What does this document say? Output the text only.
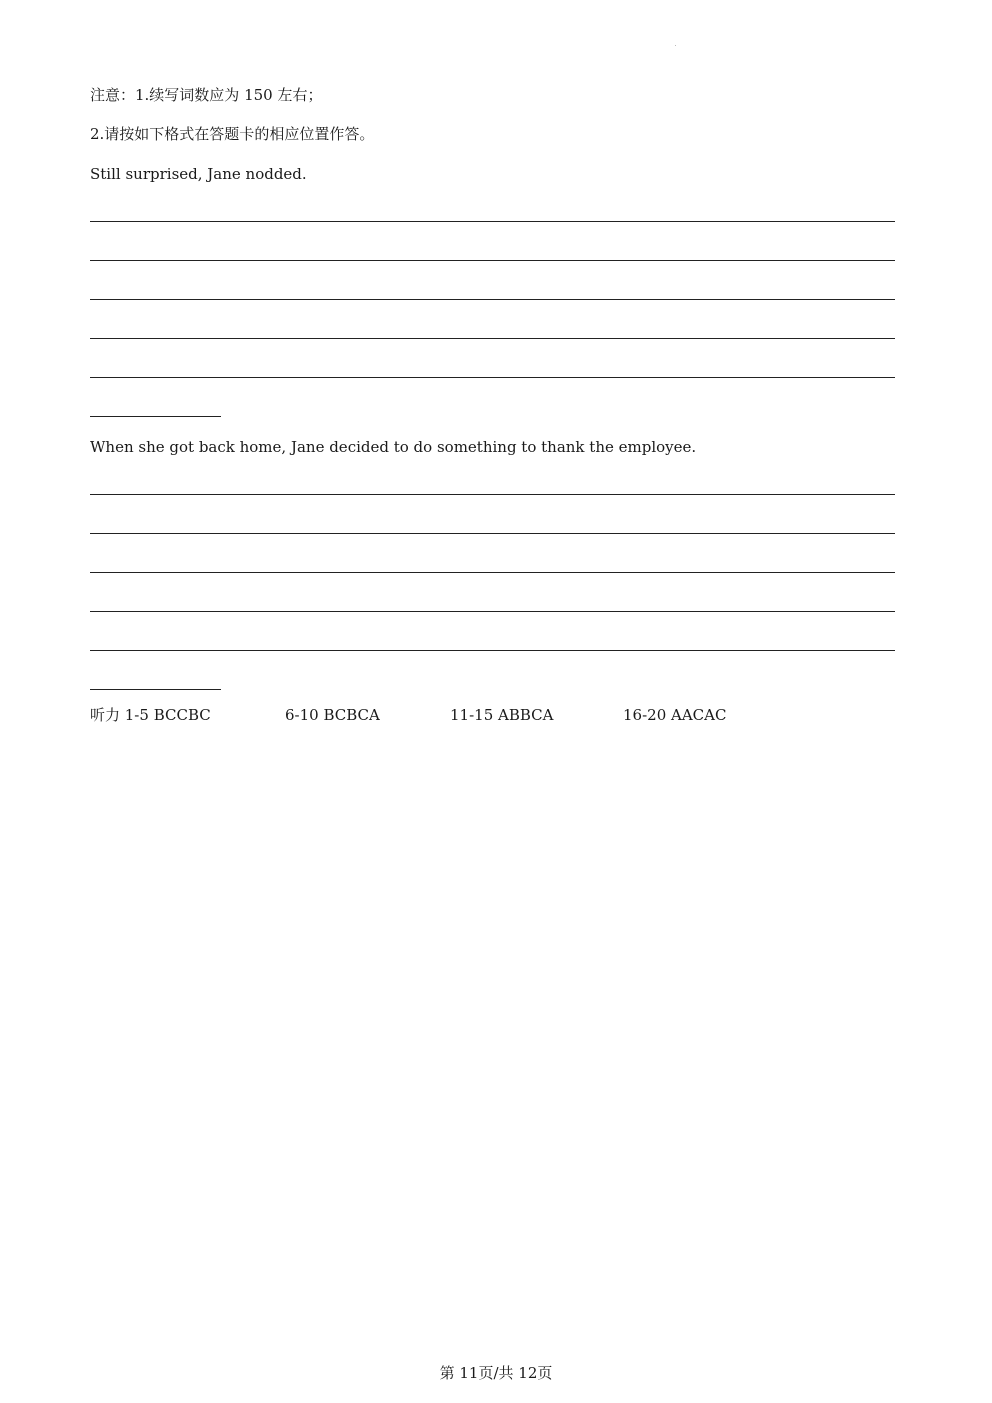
注意：1.续写词数应为 150 左右；
2.请按如下格式在答题卡的相应位置作答。
Still surprised, Jane nodded.
When she got back home, Jane decided to do something to thank the employee.
听力 1-5 BCCBC	6-10 BCBCA	11-15 ABBCA	16-20 AACAC
第 11页/共 12页
